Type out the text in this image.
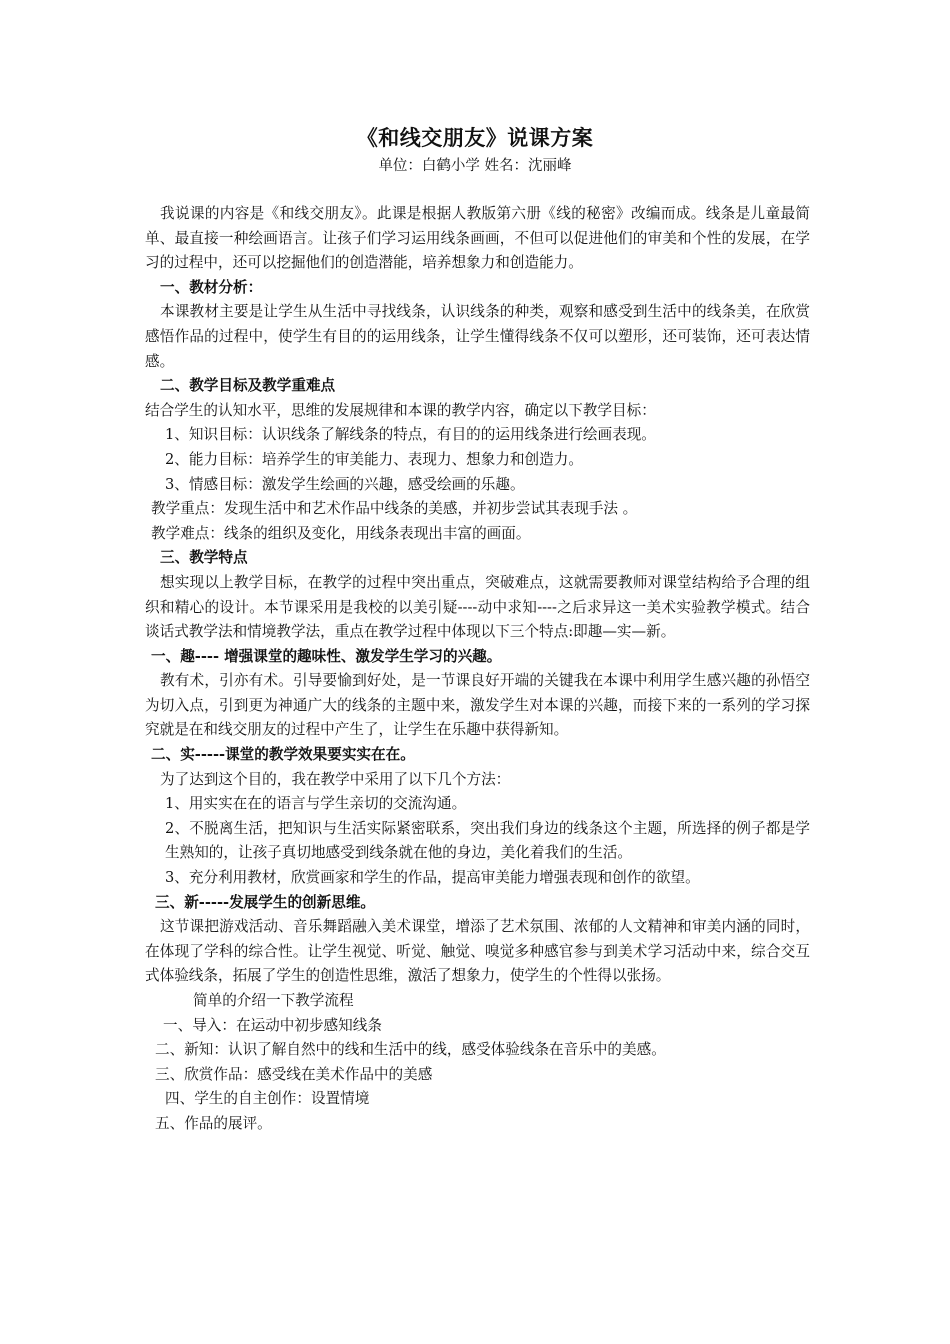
《和线交朋友》说课方案
单位：白鹤小学 姓名：沈丽峰

我说课的内容是《和线交朋友》。此课是根据人教版第六册《线的秘密》改编而成。线条是儿童最简单、最直接一种绘画语言。让孩子们学习运用线条画画，不但可以促进他们的审美和个性的发展，在学习的过程中，还可以挖掘他们的创造潜能，培养想象力和创造能力。

一、教材分析：

本课教材主要是让学生从生活中寻找线条，认识线条的种类，观察和感受到生活中的线条美，在欣赏感悟作品的过程中，使学生有目的的运用线条，让学生懂得线条不仅可以塑形，还可装饰，还可表达情感。

二、教学目标及教学重难点

结合学生的认知水平，思维的发展规律和本课的教学内容，确定以下教学目标：

1、知识目标：认识线条了解线条的特点，有目的的运用线条进行绘画表现。

2、能力目标：培养学生的审美能力、表现力、想象力和创造力。

3、情感目标：激发学生绘画的兴趣，感受绘画的乐趣。

教学重点：发现生活中和艺术作品中线条的美感，并初步尝试其表现手法 。

教学难点：线条的组织及变化，用线条表现出丰富的画面。

三、教学特点

想实现以上教学目标，在教学的过程中突出重点，突破难点，这就需要教师对课堂结构给予合理的组织和精心的设计。本节课采用是我校的以美引疑----动中求知----之后求异这一美术实验教学模式。结合谈话式教学法和情境教学法，重点在教学过程中体现以下三个特点:即趣—实—新。

一、趣---- 增强课堂的趣味性、激发学生学习的兴趣。

教有术，引亦有术。引导要愉到好处，是一节课良好开端的关键我在本课中利用学生感兴趣的孙悟空为切入点，引到更为神通广大的线条的主题中来，激发学生对本课的兴趣，而接下来的一系列的学习探究就是在和线交朋友的过程中产生了，让学生在乐趣中获得新知。

二、实-----课堂的教学效果要实实在在。

为了达到这个目的，我在教学中采用了以下几个方法：

1、用实实在在的语言与学生亲切的交流沟通。

2、不脱离生活，把知识与生活实际紧密联系，突出我们身边的线条这个主题，所选择的例子都是学生熟知的，让孩子真切地感受到线条就在他的身边，美化着我们的生活。

3、充分利用教材，欣赏画家和学生的作品，提高审美能力增强表现和创作的欲望。

三、新-----发展学生的创新思维。

这节课把游戏活动、音乐舞蹈融入美术课堂，增添了艺术氛围、浓郁的人文精神和审美内涵的同时，在体现了学科的综合性。让学生视觉、听觉、触觉、嗅觉多种感官参与到美术学习活动中来，综合交互式体验线条，拓展了学生的创造性思维，激活了想象力，使学生的个性得以张扬。

简单的介绍一下教学流程

一、导入：在运动中初步感知线条

二、新知：认识了解自然中的线和生活中的线，感受体验线条在音乐中的美感。

三、欣赏作品：感受线在美术作品中的美感

四、学生的自主创作：设置情境

五、作品的展评。
